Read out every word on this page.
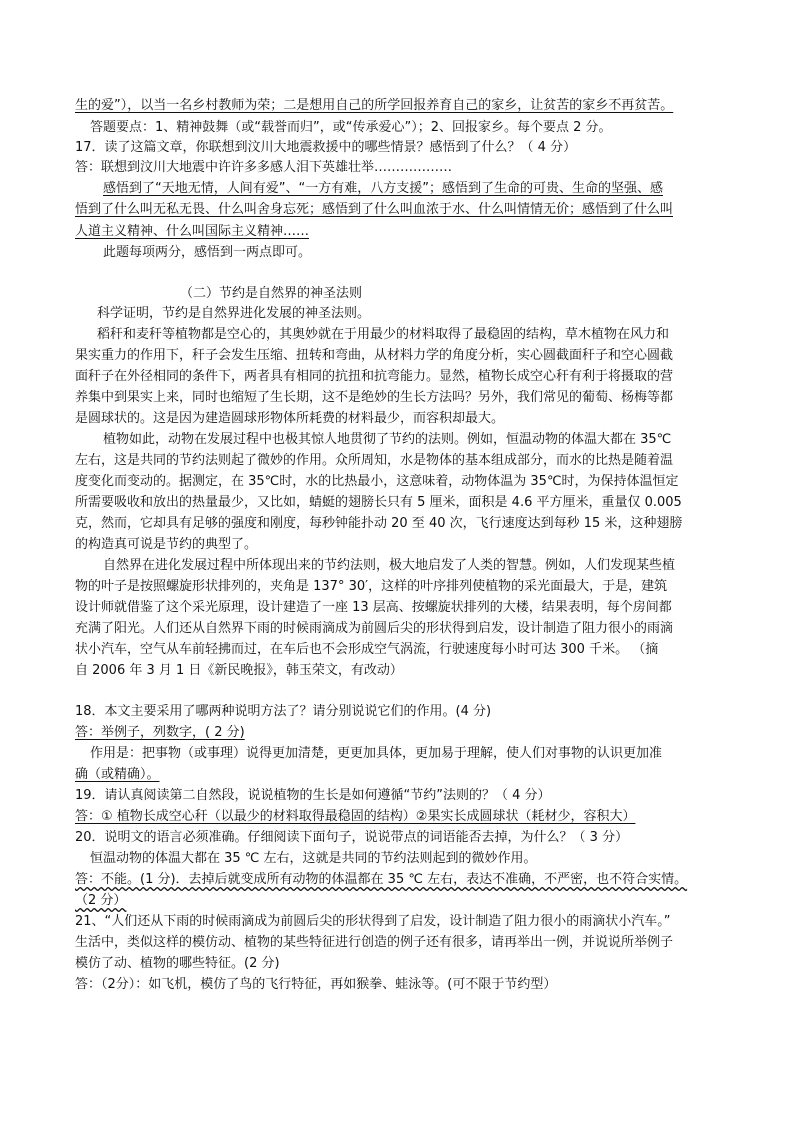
生的爱”），以当一名乡村教师为荣；二是想用自己的所学回报养育自己的家乡，让贫苦的家乡不再贫苦。
答题要点：1、精神鼓舞（或“载誉而归”，或“传承爱心”）；2、回报家乡。每个要点 2 分。
17．读了这篇文章，你联想到汶川大地震救援中的哪些情景？感悟到了什么？（ 4 分）
答：联想到汶川大地震中许许多多感人泪下英雄壮举………………
感悟到了“天地无情，人间有爱”、“一方有难，八方支援”；感悟到了生命的可贵、生命的坚强、感
悟到了什么叫无私无畏、什么叫舍身忘死；感悟到了什么叫血浓于水、什么叫情情无价；感悟到了什么叫
人道主义精神、什么叫国际主义精神……
此题每项两分，感悟到一两点即可。
（二）节约是自然界的神圣法则
科学证明，节约是自然界进化发展的神圣法则。
稻秆和麦秆等植物都是空心的，其奥妙就在于用最少的材料取得了最稳固的结构，草木植物在风力和
果实重力的作用下，秆子会发生压缩、扭转和弯曲，从材料力学的角度分析，实心圆截面秆子和空心圆截
面秆子在外径相同的条件下，两者具有相同的抗扭和抗弯能力。显然，植物长成空心秆有利于将摄取的营
养集中到果实上来，同时也缩短了生长期，这不是绝妙的生长方法吗？另外，我们常见的葡萄、杨梅等都
是圆球状的。这是因为建造圆球形物体所耗费的材料最少，而容积却最大。
植物如此，动物在发展过程中也极其惊人地贯彻了节约的法则。例如，恒温动物的体温大都在 35℃
左右，这是共同的节约法则起了微妙的作用。众所周知，水是物体的基本组成部分，而水的比热是随着温
度变化而变动的。据测定，在 35℃时，水的比热最小，这意味着，动物体温为 35℃时，为保持体温恒定
所需要吸收和放出的热量最少，又比如，蜻蜓的翅膀长只有 5 厘米，面积是 4.6 平方厘米，重量仅 0.005
克，然而，它却具有足够的强度和刚度，每秒钟能扑动 20 至 40 次，飞行速度达到每秒 15 米，这种翅膀
的构造真可说是节约的典型了。
自然界在进化发展过程中所体现出来的节约法则，极大地启发了人类的智慧。例如，人们发现某些植
物的叶子是按照螺旋形状排列的，夹角是 137° 30′，这样的叶序排列使植物的采光面最大，于是，建筑
设计师就借鉴了这个采光原理，设计建造了一座 13 层高、按螺旋状排列的大楼，结果表明，每个房间都
充满了阳光。人们还从自然界下雨的时候雨滴成为前圆后尖的形状得到启发，设计制造了阻力很小的雨滴
状小汽车，空气从车前轻拂而过，在车后也不会形成空气涡流，行驶速度每小时可达 300 千米。 （摘
自 2006 年 3 月 1 日《新民晚报》，韩玉荣文，有改动）
18．本文主要采用了哪两种说明方法了？请分别说说它们的作用。(4 分)
答：举例子，列数字，( 2 分)
作用是：把事物（或事理）说得更加清楚，更更加具体，更加易于理解，使人们对事物的认识更加准
确（或精确）。
19．请认真阅读第二自然段，说说植物的生长是如何遵循“节约”法则的？（ 4 分）
答：① 植物长成空心秆（以最少的材料取得最稳固的结构）②果实长成圆球状（耗材少，容积大）
20．说明文的语言必须准确。仔细阅读下面句子，说说带点的词语能否去掉，为什么？（ 3 分）
恒温动物的体温大都在 35 ℃ 左右，这就是共同的节约法则起到的微妙作用。
答：不能。(1 分)．去掉后就变成所有动物的体温都在 35 ℃ 左右，表达不准确，不严密，也不符合实情。
（2 分）
21、“人们还从下雨的时候雨滴成为前圆后尖的形状得到了启发，设计制造了阻力很小的雨滴状小汽车。”
生活中，类似这样的模仿动、植物的某些特征进行创造的例子还有很多，请再举出一例，并说说所举例子
模仿了动、植物的哪些特征。(2 分)
答：（2分）：如飞机，模仿了鸟的飞行特征，再如猴拳、蛙泳等。(可不限于节约型）
